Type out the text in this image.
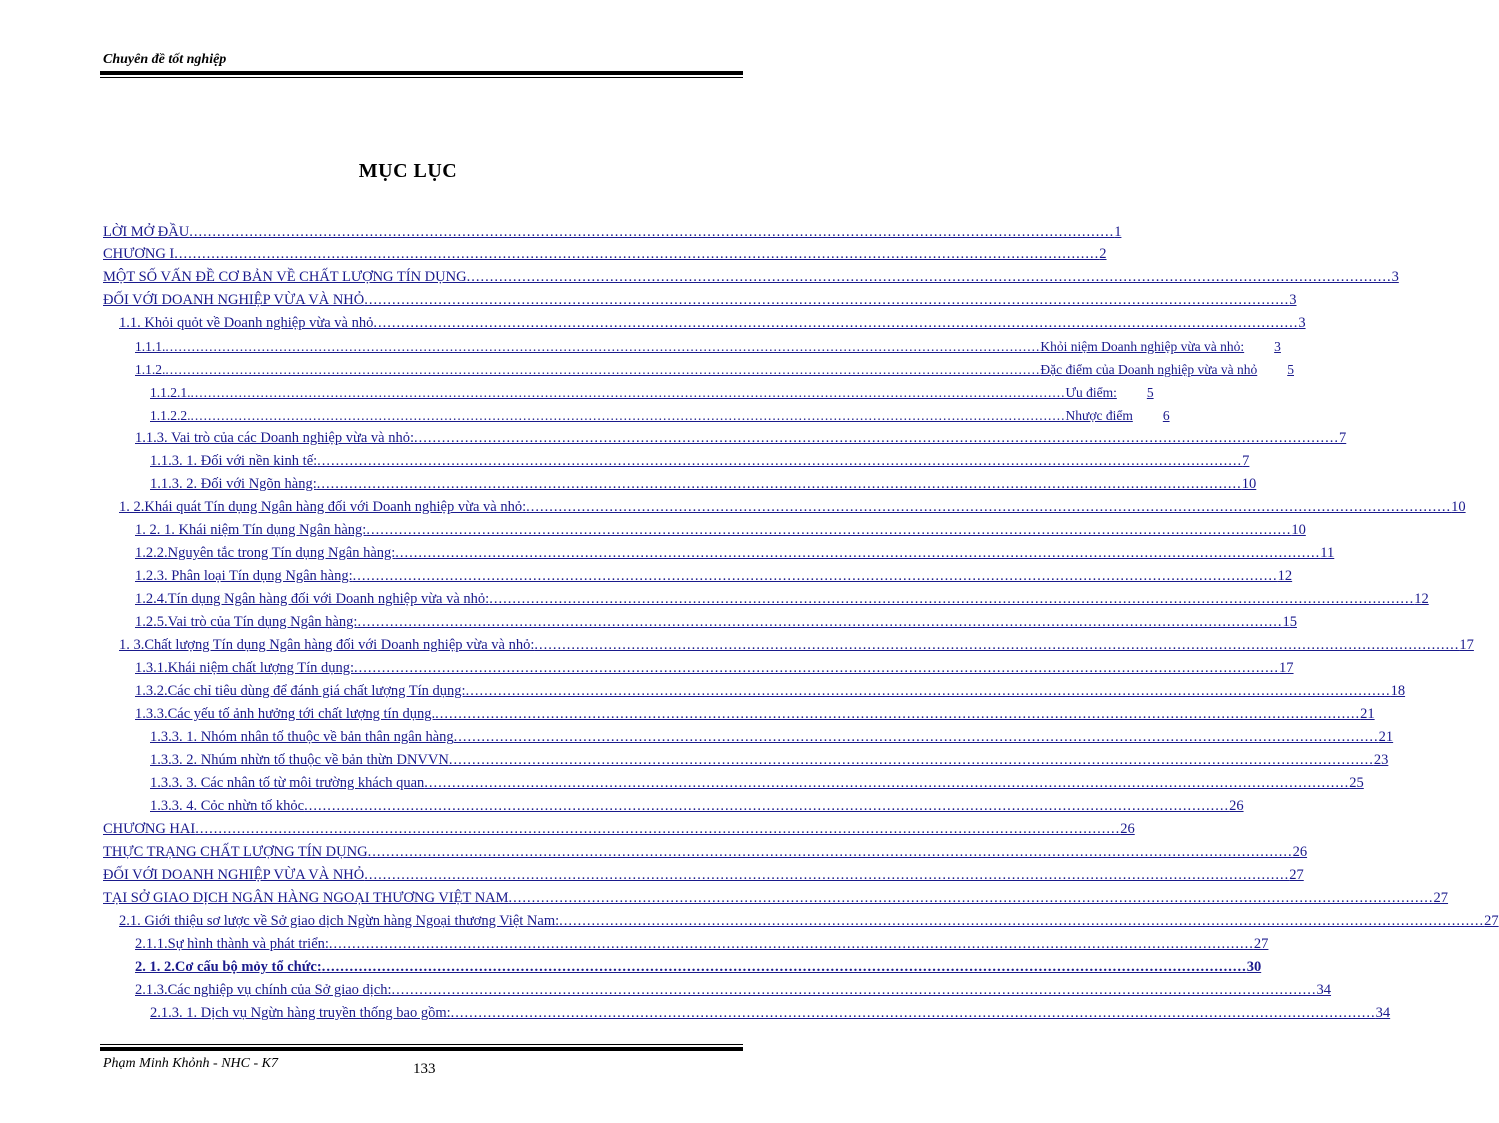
Chuyên đề tốt nghiệp
MỤC LỤC
LỜI MỞ ĐẦU ........................................................................................................................................................................................................ 1
CHƯƠNG I ........................................................................................................................................................................................................ 2
MỘT SỐ VẤN ĐỀ CƠ BẢN VỀ CHẤT LƯỢNG TÍN DỤNG ........................................................................................................................................................................................................ 3
ĐỐI VỚI DOANH NGHIỆP VỪA VÀ NHỎ ........................................................................................................................................................................................................ 3
1.1. Khỏi quỏt về Doanh nghiệp vừa và nhỏ ........................................................................................................................................................................................................ 3
1.1.1. ........................................................................................................................................................................................................ Khỏi niệm Doanh nghiệp vừa và nhỏ:	3
1.1.2. ........................................................................................................................................................................................................ Đặc điểm của Doanh nghiệp vừa và nhỏ	5
1.1.2.1. ........................................................................................................................................................................................................ Ưu điểm:	5
1.1.2.2. ........................................................................................................................................................................................................ Nhược điểm	6
1.1.3. Vai trò của các Doanh nghiệp vừa và nhỏ: ........................................................................................................................................................................................................ 7
1.1.3. 1. Đối với nền kinh tế: ........................................................................................................................................................................................................ 7
1.1.3. 2. Đối với Ngõn hàng: ........................................................................................................................................................................................................ 10
1. 2.Khái quát Tín dụng Ngân hàng đối với Doanh nghiệp vừa và nhỏ: ........................................................................................................................................................................................................ 10
1. 2. 1. Khái niệm Tín dụng Ngân hàng: ........................................................................................................................................................................................................ 10
1.2.2.Nguyên tắc trong Tín dụng Ngân hàng: ........................................................................................................................................................................................................ 11
1.2.3. Phân loại Tín dụng Ngân hàng: ........................................................................................................................................................................................................ 12
1.2.4.Tín dụng Ngân hàng đối với Doanh nghiệp vừa và nhỏ: ........................................................................................................................................................................................................ 12
1.2.5.Vai trò của Tín dụng Ngân hàng: ........................................................................................................................................................................................................ 15
1. 3.Chất lượng Tín dụng Ngân hàng đối với Doanh nghiệp vừa và nhỏ: ........................................................................................................................................................................................................ 17
1.3.1.Khái niệm chất lượng Tín dụng: ........................................................................................................................................................................................................ 17
1.3.2.Các chỉ tiêu dùng để đánh giá chất lượng Tín dụng: ........................................................................................................................................................................................................ 18
1.3.3.Các yếu tố ảnh hưởng tới chất lượng tín dụng. ........................................................................................................................................................................................................ 21
1.3.3. 1. Nhóm nhân tố thuộc về bản thân ngân hàng ........................................................................................................................................................................................................ 21
1.3.3. 2. Nhúm nhừn tố thuộc về bản thừn DNVVN ........................................................................................................................................................................................................ 23
1.3.3. 3. Các nhân tố từ môi trường khách quan ........................................................................................................................................................................................................ 25
1.3.3. 4. Cỏc nhừn tố khỏc ........................................................................................................................................................................................................ 26
CHƯƠNG HAI ........................................................................................................................................................................................................ 26
THỰC TRẠNG CHẤT LƯỢNG TÍN DỤNG ........................................................................................................................................................................................................ 26
ĐỐI VỚI DOANH NGHIỆP VỪA VÀ NHỎ ........................................................................................................................................................................................................ 27
TẠI SỞ GIAO DỊCH NGÂN HÀNG NGOẠI THƯƠNG VIỆT NAM ........................................................................................................................................................................................................ 27
2.1. Giới thiệu sơ lược về Sở giao dịch Ngừn hàng Ngoại thương Việt Nam: ........................................................................................................................................................................................................ 27
2.1.1.Sự hình thành và phát triển: ........................................................................................................................................................................................................ 27
2. 1. 2.Cơ cấu bộ mỏy tổ chức: ........................................................................................................................................................................................................ 30
2.1.3.Các nghiệp vụ chính của Sở giao dịch: ........................................................................................................................................................................................................ 34
2.1.3. 1. Dịch vụ Ngừn hàng truyền thống bao gồm: ........................................................................................................................................................................................................ 34
Phạm Minh Khỏnh - NHC - K7	133
